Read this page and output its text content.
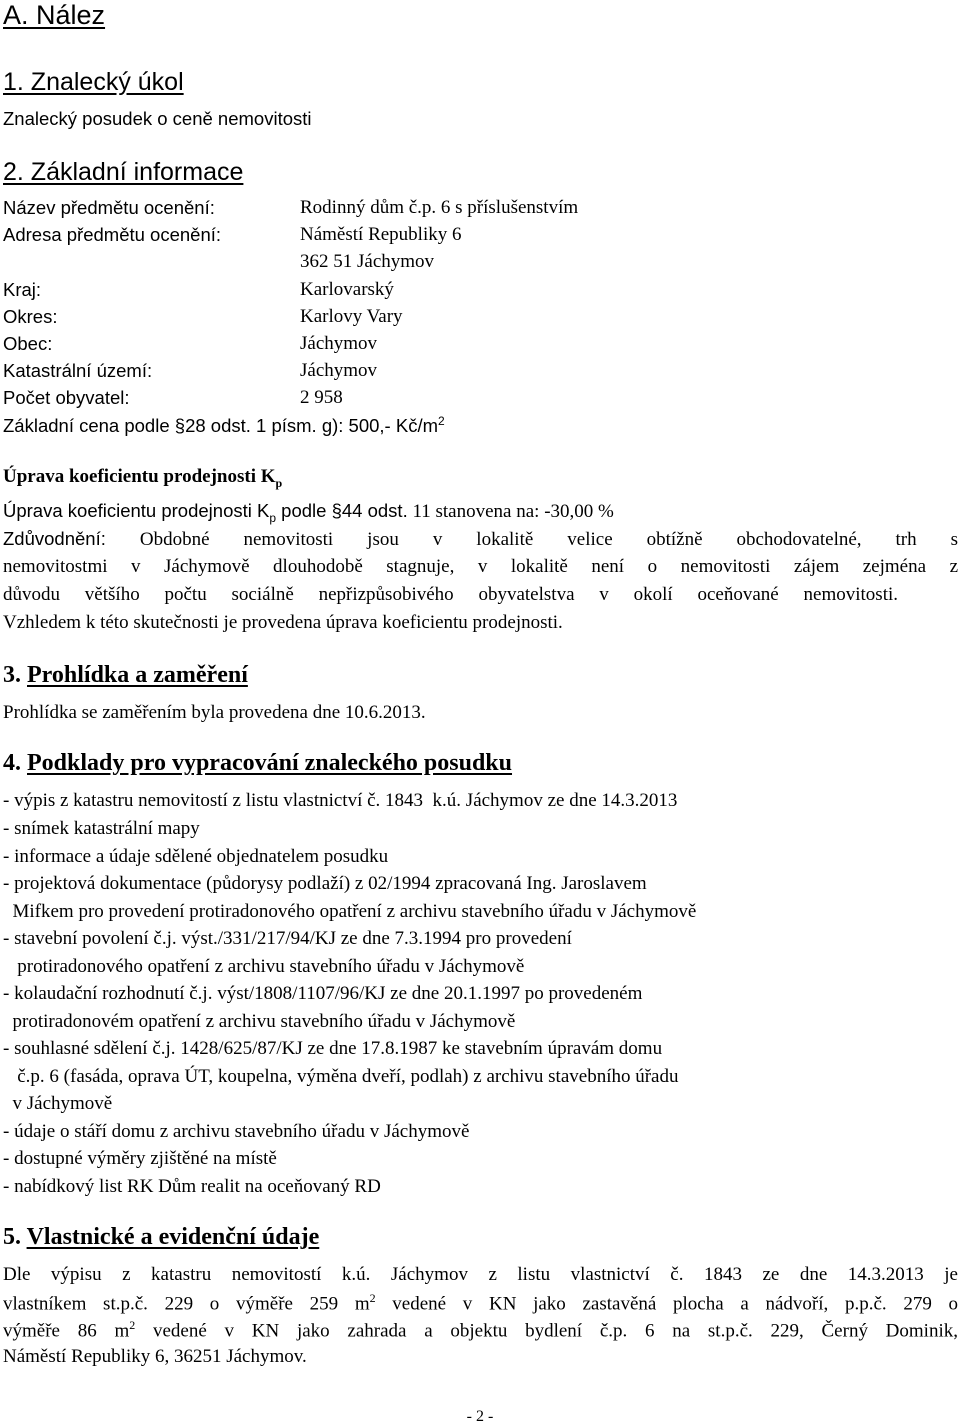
A. Nález
1. Znalecký úkol
Znalecký posudek o ceně nemovitosti
2. Základní informace
Název předmětu ocenění:	Rodinný dům č.p. 6 s příslušenstvím
Adresa předmětu ocenění:	Náměstí Republiky 6
362 51 Jáchymov
Kraj:	Karlovarský
Okres:	Karlovy Vary
Obec:	Jáchymov
Katastrální území:	Jáchymov
Počet obyvatel:	2 958
Základní cena podle §28 odst. 1 písm. g): 500,- $Kč/m^2$
Úprava koeficientu prodejnosti $K_p$
Úprava koeficientu prodejnosti $K_p$ podle §44 odst. 11 stanovena na: -30,00 %
Zdůvodnění: Obdobné nemovitosti jsou v lokalitě velice obtížně obchodovatelné, trh s
nemovitostmi v Jáchymově dlouhodobě stagnuje, v lokalitě není o nemovitosti zájem zejména z
důvodu většího počtu sociálně nepřizpůsobivého obyvatelstva v okolí oceňované nemovitosti.
Vzhledem k této skutečnosti je provedena úprava koeficientu prodejnosti.
3. Prohlídka a zaměření
Prohlídka se zaměřením byla provedena dne 10.6.2013.
4. Podklady pro vypracování znaleckého posudku
- výpis z katastru nemovitostí z listu vlastnictví č. 1843  k.ú. Jáchymov ze dne 14.3.2013
- snímek katastrální mapy
- informace a údaje sdělené objednatelem posudku
- projektová dokumentace (půdorysy podlaží) z 02/1994 zpracovaná Ing. Jaroslavem
Mifkem pro provedení protiradonového opatření z archivu stavebního úřadu v Jáchymově
- stavební povolení č.j. výst./331/217/94/KJ ze dne 7.3.1994 pro provedení
protiradonového opatření z archivu stavebního úřadu v Jáchymově
- kolaudační rozhodnutí č.j. výst/1808/1107/96/KJ ze dne 20.1.1997 po provedeném
protiradonovém opatření z archivu stavebního úřadu v Jáchymově
- souhlasné sdělení č.j. 1428/625/87/KJ ze dne 17.8.1987 ke stavebním úpravám domu
č.p. 6 (fasáda, oprava ÚT, koupelna, výměna dveří, podlah) z archivu stavebního úřadu
v Jáchymově
- údaje o stáří domu z archivu stavebního úřadu v Jáchymově
- dostupné výměry zjištěné na místě
- nabídkový list RK Dům realit na oceňovaný RD
5. Vlastnické a evidenční údaje
Dle výpisu z katastru nemovitostí k.ú. Jáchymov z listu vlastnictví č. 1843 ze dne 14.3.2013 je
vlastníkem st.p.č. 229 o výměře 259 $m^2$ vedené v KN jako zastavěná plocha a nádvoří, p.p.č. 279 o
výměře 86 $m^2$ vedené v KN jako zahrada a objektu bydlení č.p. 6 na st.p.č. 229, Černý Dominik,
Náměstí Republiky 6, 36251 Jáchymov.
- 2 -
